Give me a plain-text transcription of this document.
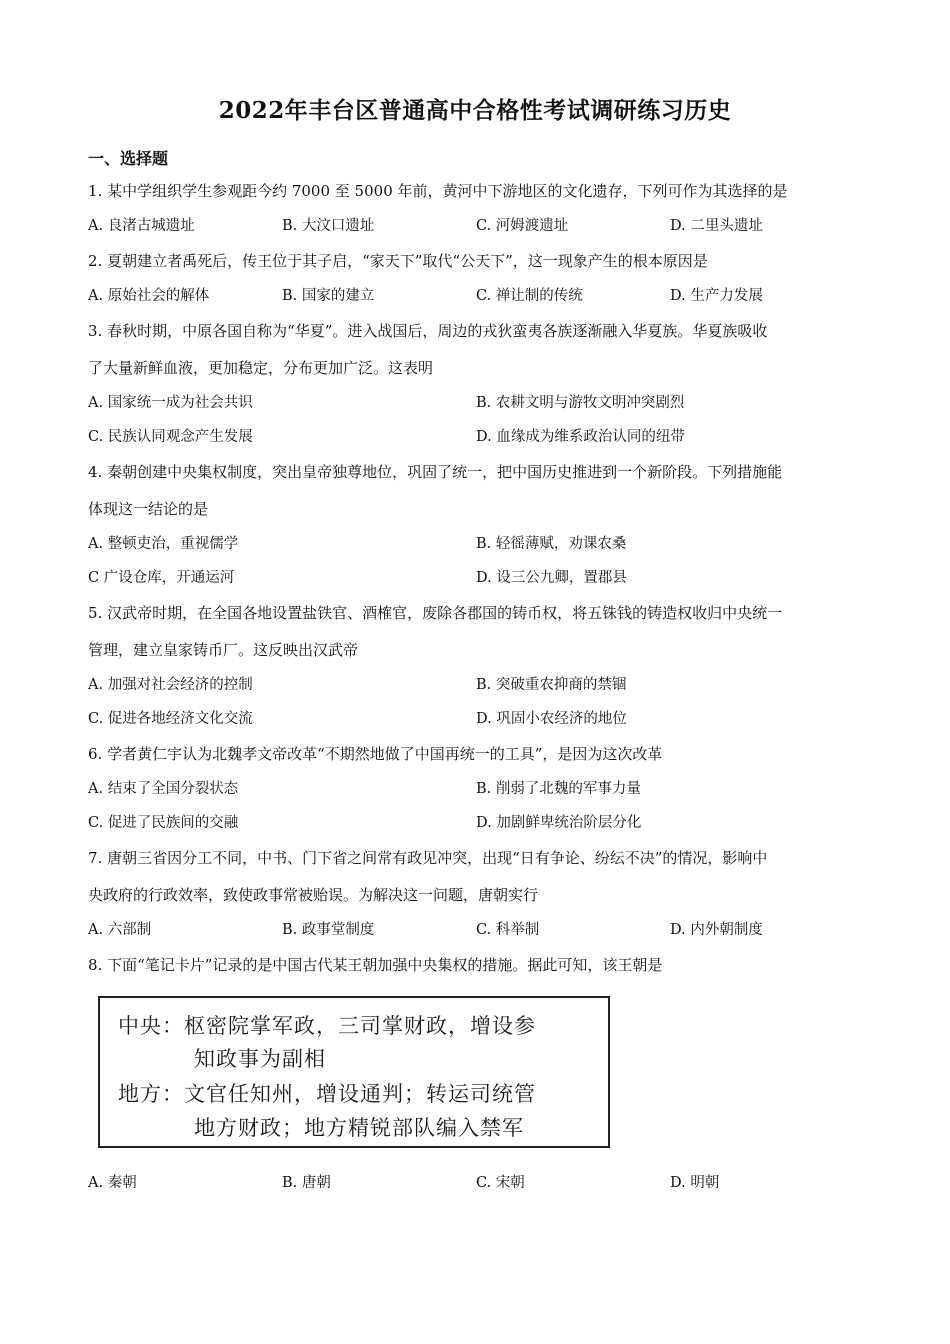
2022年丰台区普通高中合格性考试调研练习历史
一、选择题
1. 某中学组织学生参观距今约 7000 至 5000 年前，黄河中下游地区的文化遗存，下列可作为其选择的是
A. 良渚古城遗址	B. 大汶口遗址	C. 河姆渡遗址	D. 二里头遗址
2. 夏朝建立者禹死后，传王位于其子启，“家天下”取代“公天下”，这一现象产生的根本原因是
A. 原始社会的解体	B. 国家的建立	C. 禅让制的传统	D. 生产力发展
3. 春秋时期，中原各国自称为“华夏”。进入战国后，周边的戎狄蛮夷各族逐渐融入华夏族。华夏族吸收
了大量新鲜血液，更加稳定，分布更加广泛。这表明
A. 国家统一成为社会共识	B. 农耕文明与游牧文明冲突剧烈
C. 民族认同观念产生发展	D. 血缘成为维系政治认同的纽带
4. 秦朝创建中央集权制度，突出皇帝独尊地位，巩固了统一，把中国历史推进到一个新阶段。下列措施能
体现这一结论的是
A. 整顿吏治，重视儒学	B. 轻徭薄赋，劝课农桑
C 广设仓库，开通运河	D. 设三公九卿，置郡县
5. 汉武帝时期，在全国各地设置盐铁官、酒榷官，废除各郡国的铸币权，将五铢钱的铸造权收归中央统一
管理，建立皇家铸币厂。这反映出汉武帝
A. 加强对社会经济的控制	B. 突破重农抑商的禁锢
C. 促进各地经济文化交流	D. 巩固小农经济的地位
6. 学者黄仁宇认为北魏孝文帝改革“不期然地做了中国再统一的工具”，是因为这次改革
A. 结束了全国分裂状态	B. 削弱了北魏的军事力量
C. 促进了民族间的交融	D. 加剧鲜卑统治阶层分化
7. 唐朝三省因分工不同，中书、门下省之间常有政见冲突，出现“日有争论、纷纭不决”的情况，影响中
央政府的行政效率，致使政事常被贻误。为解决这一问题，唐朝实行
A. 六部制	B. 政事堂制度	C. 科举制	D. 内外朝制度
8. 下面“笔记卡片”记录的是中国古代某王朝加强中央集权的措施。据此可知，该王朝是
中央：枢密院掌军政，三司掌财政，增设参
知政事为副相
地方：文官任知州，增设通判；转运司统管
地方财政；地方精锐部队编入禁军
A. 秦朝	B. 唐朝	C. 宋朝	D. 明朝
